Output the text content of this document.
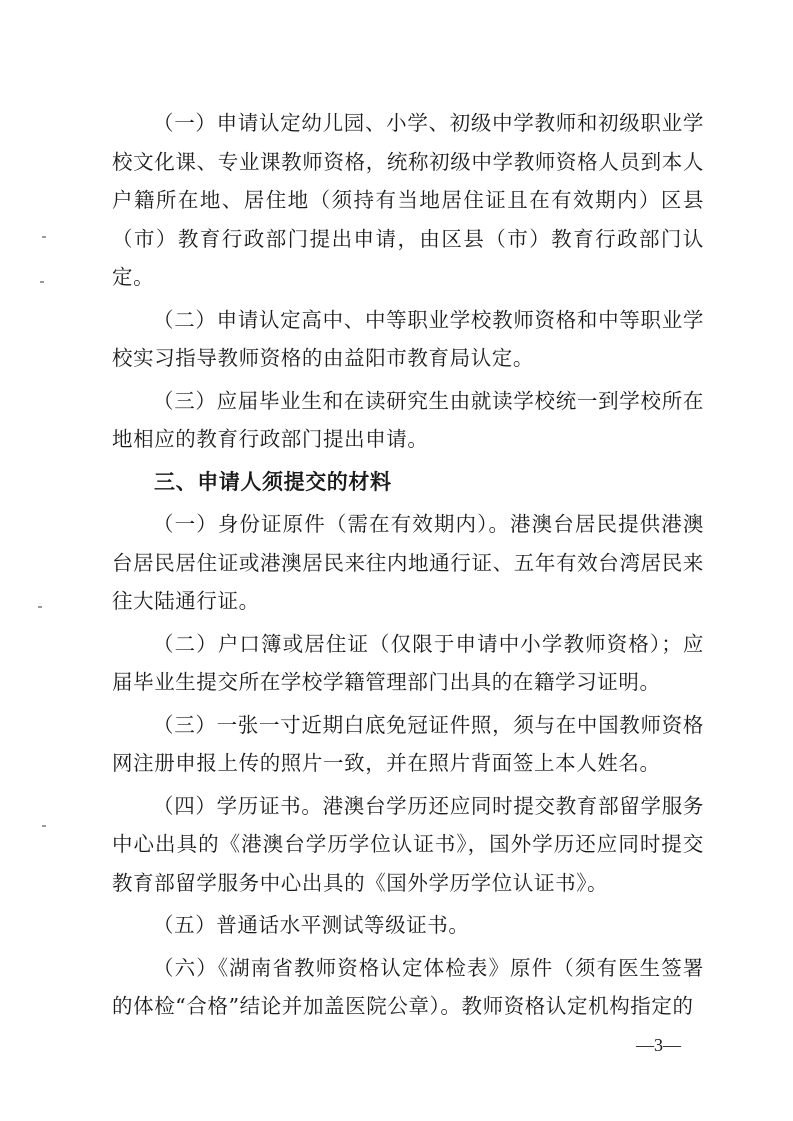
（一）申请认定幼儿园、小学、初级中学教师和初级职业学校文化课、专业课教师资格，统称初级中学教师资格人员到本人户籍所在地、居住地（须持有当地居住证且在有效期内）区县（市）教育行政部门提出申请，由区县（市）教育行政部门认定。

（二）申请认定高中、中等职业学校教师资格和中等职业学校实习指导教师资格的由益阳市教育局认定。

（三）应届毕业生和在读研究生由就读学校统一到学校所在地相应的教育行政部门提出申请。

三、申请人须提交的材料

（一）身份证原件（需在有效期内）。港澳台居民提供港澳台居民居住证或港澳居民来往内地通行证、五年有效台湾居民来往大陆通行证。

（二）户口簿或居住证（仅限于申请中小学教师资格）；应届毕业生提交所在学校学籍管理部门出具的在籍学习证明。

（三）一张一寸近期白底免冠证件照，须与在中国教师资格网注册申报上传的照片一致，并在照片背面签上本人姓名。

（四）学历证书。港澳台学历还应同时提交教育部留学服务中心出具的《港澳台学历学位认证书》，国外学历还应同时提交教育部留学服务中心出具的《国外学历学位认证书》。

（五）普通话水平测试等级证书。

（六）《湖南省教师资格认定体检表》原件（须有医生签署的体检“合格”结论并加盖医院公章）。教师资格认定机构指定的

—3—
